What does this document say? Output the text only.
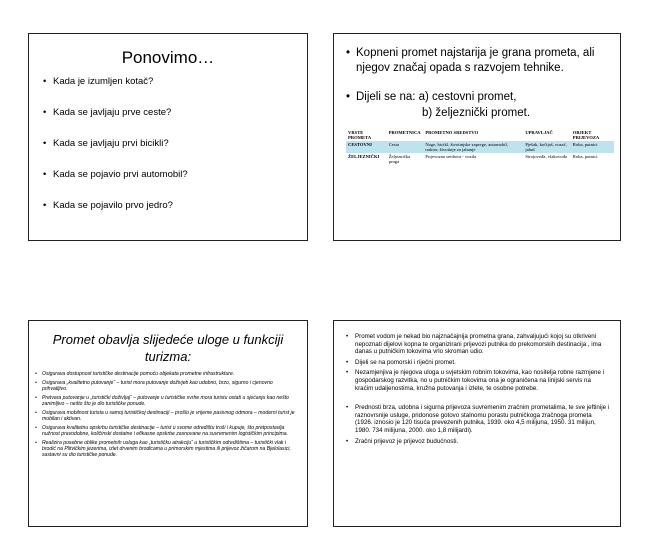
Ponovimo…
• Kada je izumljen kotač?
• Kada se javljaju prve ceste?
• Kada se javljaju prvi bicikli?
• Kada se pojavio prvi automobil?
• Kada se pojavilo prvo jedro?
• Kopneni promet najstarija je grana prometa, ali njegov značaj opada s razvojem tehnike.
• Dijeli se na: a) cestovni promet,
b) željeznički promet.
VRSTE PROMETA	PROMETNICA	PROMETNO SREDSTVO	UPRAVLJAČ	OBJEKT PRIJEVOZA
CESTOVNI	Cesta	Noge, bicikl, životinjske zaprege, automobil, traktor, životinje za jahanje	Pješak, kočijaš, vozač, jahač	Roba, putnici
ŽELJEZNIČKI	Željeznička pruga	Prijevozna sredstva - vozila	Strojovođa, vlakovođa	Roba, putnici
Promet obavlja slijedeće uloge u funkciji turizma:
•	Osigurava dostupnost turističke destinacije pomoću objekata prometne infrastrukture.
•	Osigurava „kvalitetno putovanje“ – turist mora putovanje doživjeti kao udobno, brzo, sigurno i cjenovno prihvatljivo.
•	Pretvara putovanje u „turistički doživljaj“ – putovanje u turističke svrhe mora turistu ostati u sjećanju kao nešto zanimljivo – nešto što je dio turističke ponude.
•	Osigurava mobilnost turista u samoj turističkoj destinaciji – prošlo je vrijeme pasivnog odmora – moderni turist je mobilan i aktivan.
•	Osigurava kvalitetnu opskrbu turističke destinacije – turist u svome odredištu troši i kupuje, što pretpostavlja nužnost pravodobne, količinski dostatne i efikasne opskrbe zasnovane na suvremenim logističkim principima.
•	Realizira posebne oblike prometnih usluga kao „turističku atrakciju“ u turističkim odredištima – turistički vlak i brodić na Plitvičkim jezerima, izlet drvenim brodicama u primorskim mjestima ili prijevoz žičarom na Bjelolasici, sastavni su dio turističke ponude.
•	Promet vodom je nekad bio najznačajnija prometna grana, zahvaljujući kojoj su otkriveni nepoznati dijelovi kopna te organizirani prijevozi putnika do prekomorskih destinacija , ima danas u putničkim tokovima vrlo skroman udio.
•	Dijeli se na pomorski i riječni promet.
•	Nezamjenjiva je njegova uloga u svjetskim robnim tokovima, kao nositelja robne razmjene i gospodarskog razvitka, no u putničkim tokovima ona je ograničena na linijski servis na kraćim udaljenostima, kružna putovanja i izlete, te osobne potrebe.
•	Prednosti brza, udobna i sigurna prijevoza suvremenim zračnim prometalima, te sve jeftinije i raznovrsnije usluge, pridonose gotovo stalnomu porastu putničkoga zračnoga prometa (1926. iznosio je 120 tisuća prevezenih putnika, 1939. oko 4,5 milijuna, 1950. 31 milijun, 1980. 734 milijuna, 2000. oko 1,8 milijardi).
•	Zračni prijevoz je prijevoz budućnosti.
